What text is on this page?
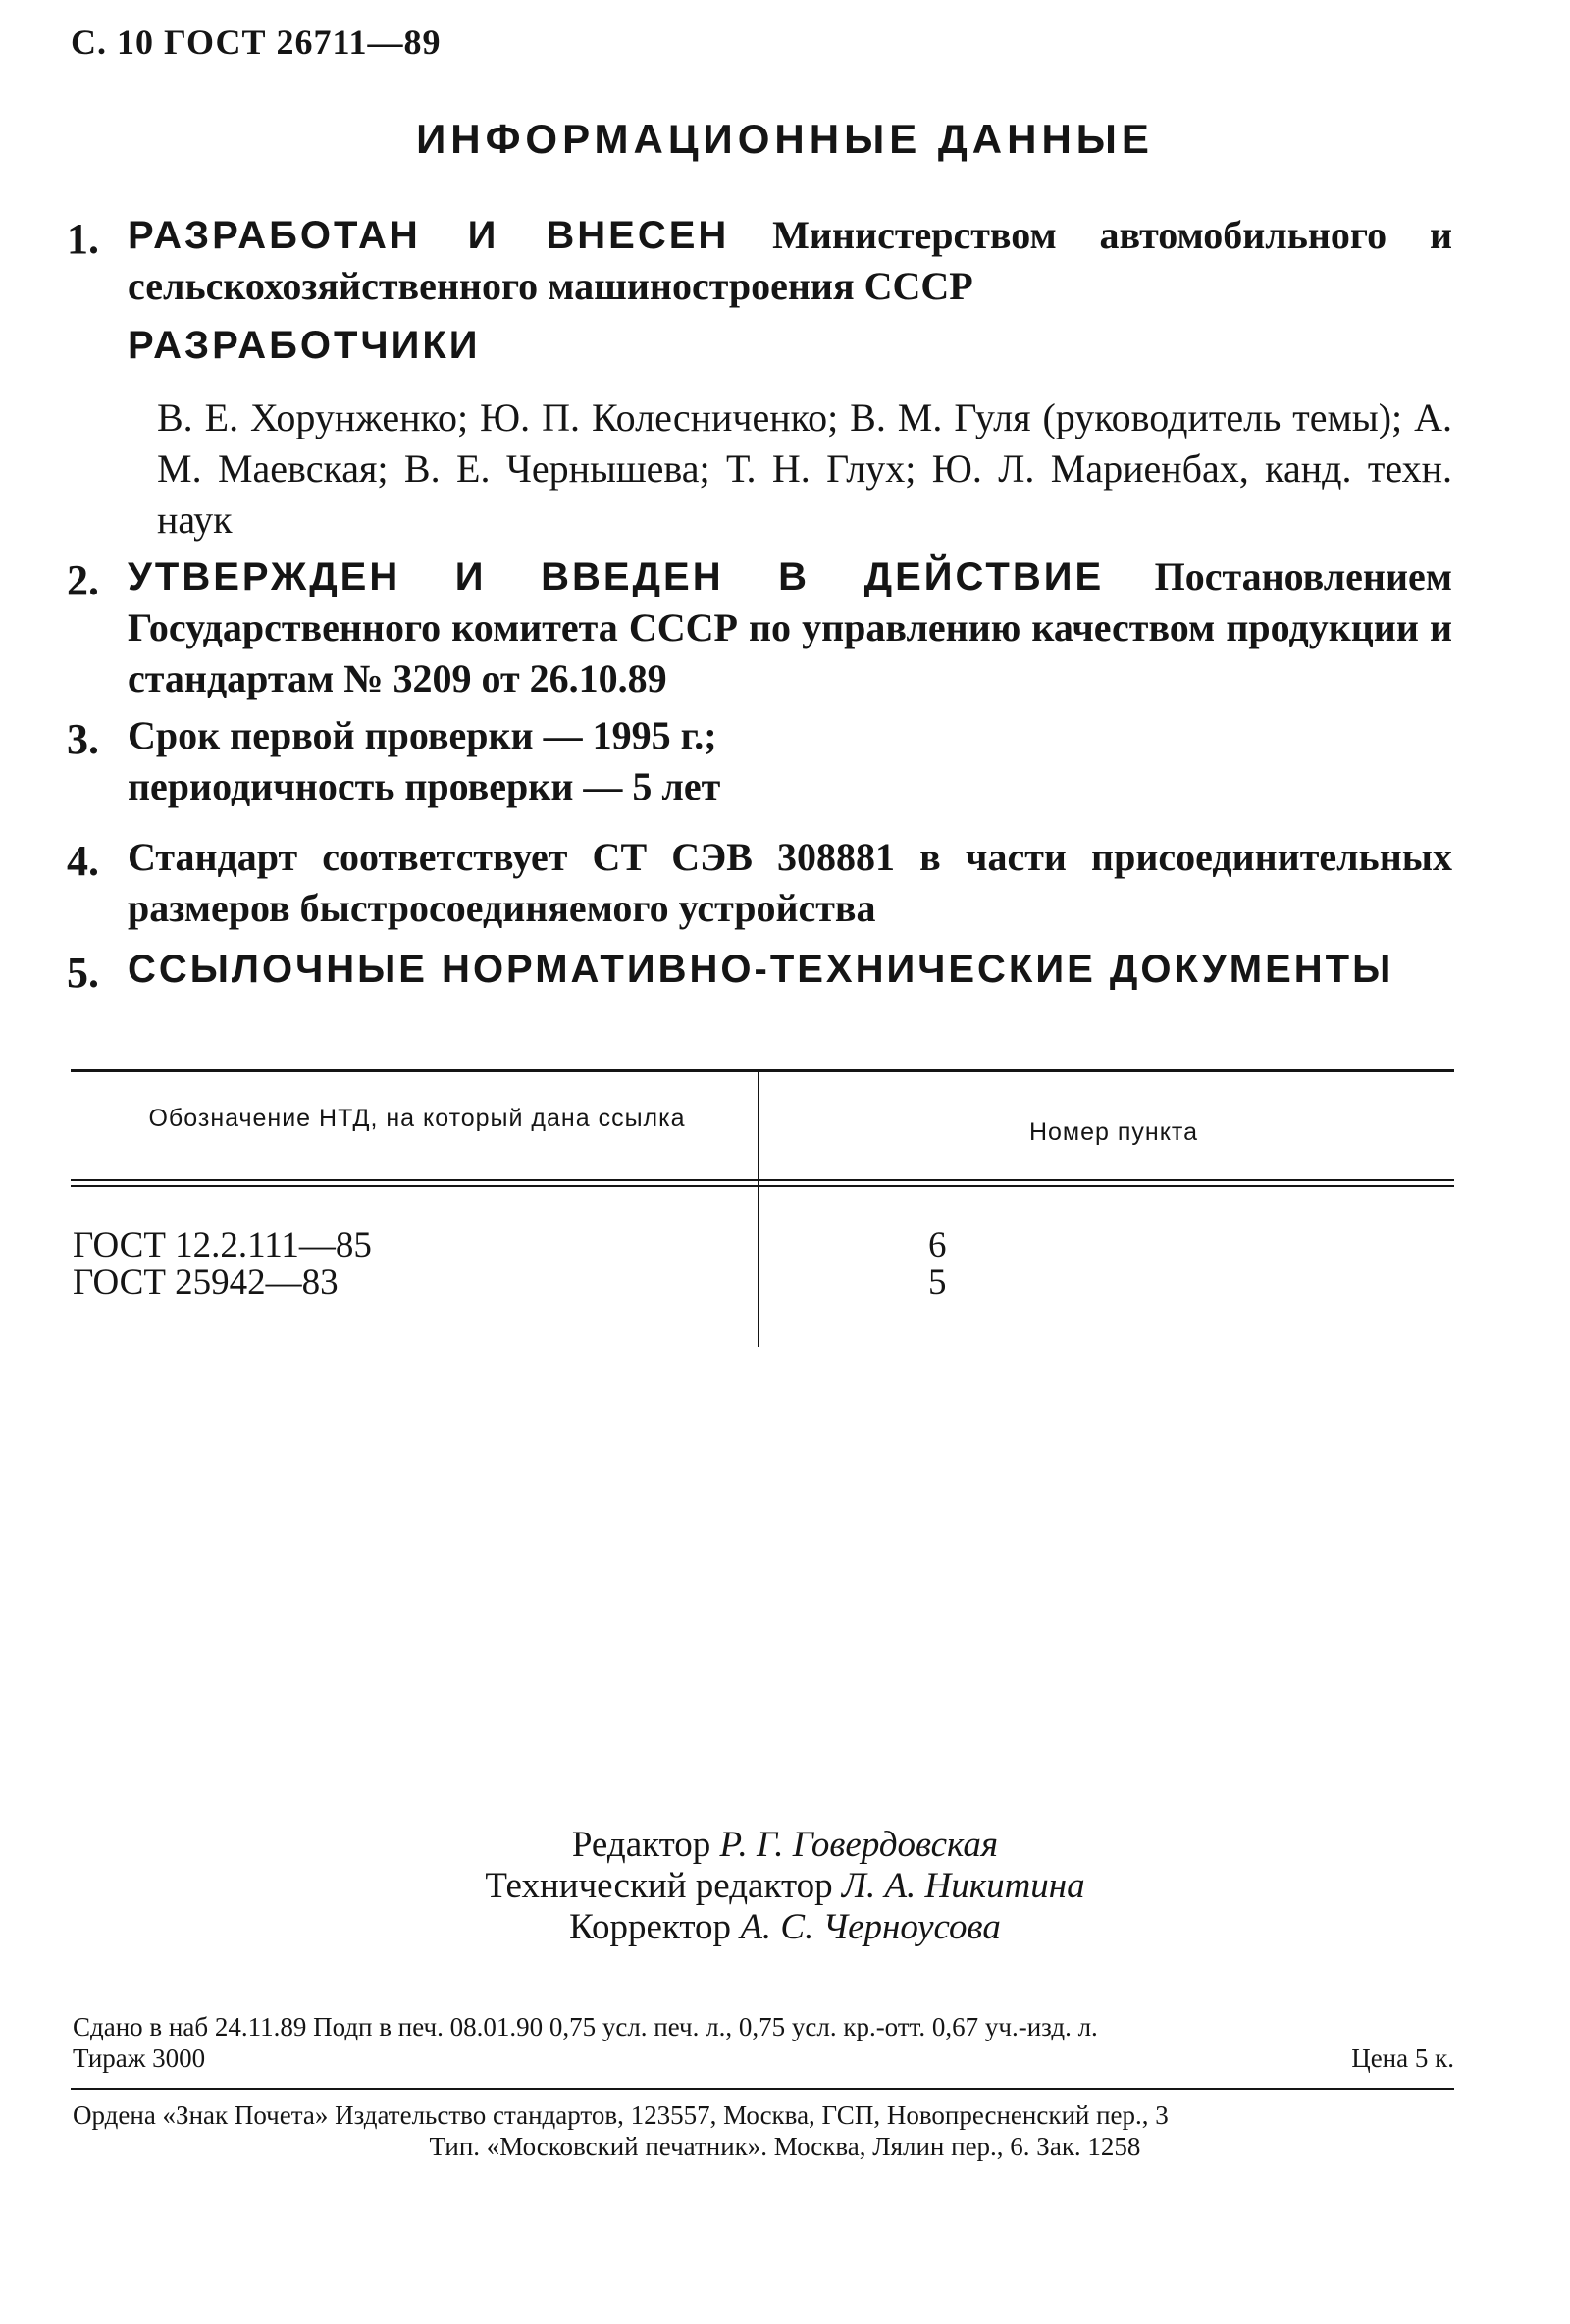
С. 10 ГОСТ 26711—89
ИНФОРМАЦИОННЫЕ ДАННЫЕ
1. РАЗРАБОТАН И ВНЕСЕН Министерством автомобильного и сельскохозяйственного машиностроения СССР
РАЗРАБОТЧИКИ
В. Е. Хорунженко; Ю. П. Колесниченко; В. М. Гуля (руководитель темы); А. М. Маевская; В. Е. Чернышева; Т. Н. Глух; Ю. Л. Мариенбах, канд. техн. наук
2. УТВЕРЖДЕН И ВВЕДЕН В ДЕЙСТВИЕ Постановлением Государственного комитета СССР по управлению качеством продукции и стандартам № 3209 от 26.10.89
3. Срок первой проверки — 1995 г.;
периодичность проверки — 5 лет
4. Стандарт соответствует СТ СЭВ 308881 в части присоединительных размеров быстросоединяемого устройства
5. ССЫЛОЧНЫЕ НОРМАТИВНО-ТЕХНИЧЕСКИЕ ДОКУМЕНТЫ
Обозначение НТД, на который дана ссылка	Номер пункта
ГОСТ 12.2.111—85	6
ГОСТ 25942—83	5
Редактор Р. Г. Говердовская
Технический редактор Л. А. Никитина
Корректор А. С. Черноусова
Сдано в наб 24.11.89 Подп в печ. 08.01.90 0,75 усл. печ. л., 0,75 усл. кр.-отт. 0,67 уч.-изд. л.
Тираж 3000	Цена 5 к.
Ордена «Знак Почета» Издательство стандартов, 123557, Москва, ГСП, Новопресненский пер., 3
Тип. «Московский печатник». Москва, Лялин пер., 6. Зак. 1258
